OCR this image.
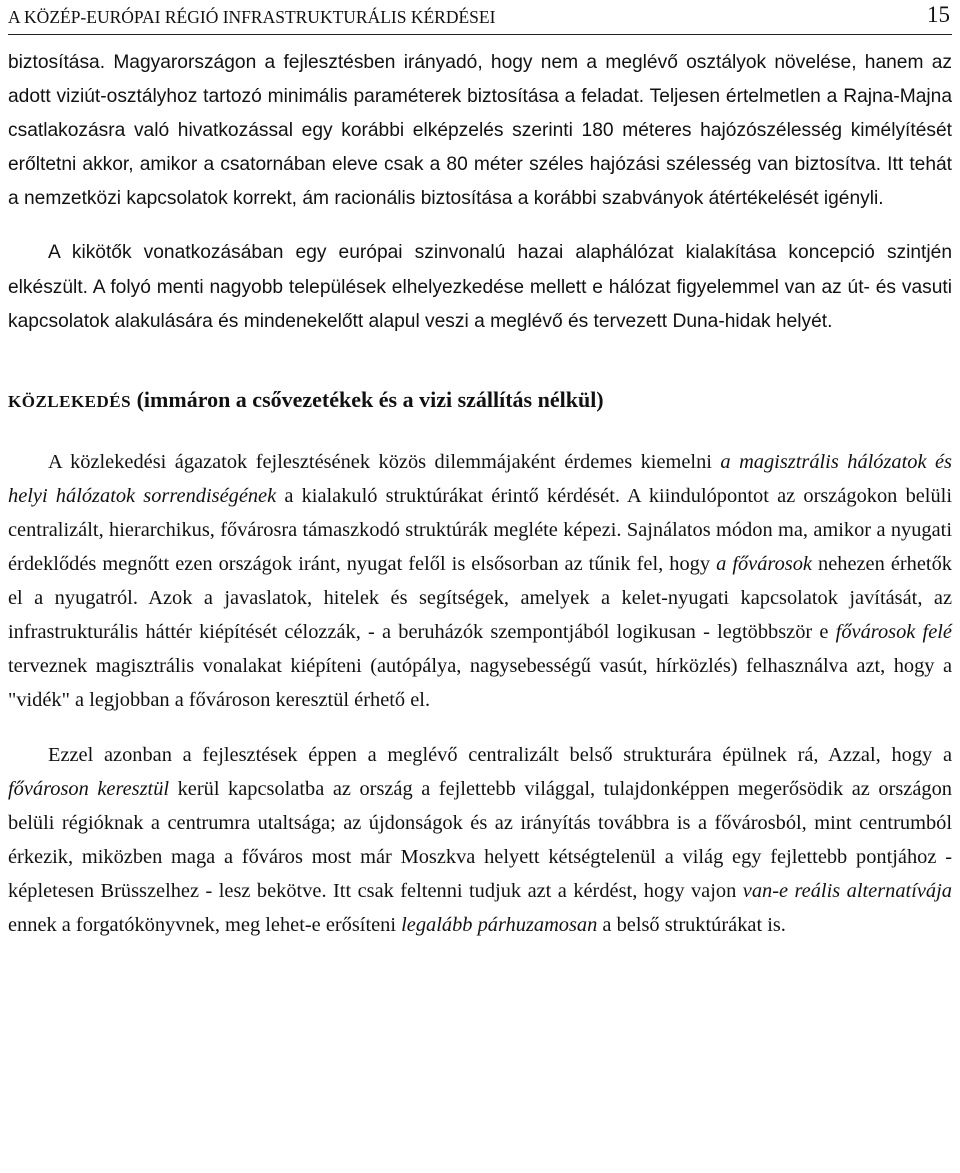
A KÖZÉP-EURÓPAI RÉGIÓ INFRASTRUKTURÁLIS KÉRDÉSEI	15

biztosítása. Magyarországon a fejlesztésben irányadó, hogy nem a meglévő osztályok növelése, hanem az adott viziút-osztályhoz tartozó minimális paraméterek biztosítása a feladat. Teljesen értelmetlen a Rajna-Majna csatlakozásra való hivatkozással egy korábbi elképzelés szerinti 180 méteres hajózószélesség kimélyítését erőltetni akkor, amikor a csatornában eleve csak a 80 méter széles hajózási szélesség van biztosítva. Itt tehát a nemzetközi kapcsolatok korrekt, ám racionális biztosítása a korábbi szabványok átértékelését igényli.

A kikötők vonatkozásában egy európai szinvonalú hazai alaphálózat kialakítása koncepció szintjén elkészült. A folyó menti nagyobb települések elhelyezkedése mellett e hálózat figyelemmel van az út- és vasuti kapcsolatok alakulására és mindenekelőtt alapul veszi a meglévő és tervezett Duna-hidak helyét.

KÖZLEKEDÉS (immáron a csővezetékek és a vizi szállítás nélkül)

A közlekedési ágazatok fejlesztésének közös dilemmájaként érdemes kiemelni a magisztrális hálózatok és helyi hálózatok sorrendiségének a kialakuló struktúrákat érintő kérdését. A kiindulópontot az országokon belüli centralizált, hierarchikus, fővárosra támaszkodó struktúrák megléte képezi. Sajnálatos módon ma, amikor a nyugati érdeklődés megnőtt ezen országok iránt, nyugat felől is elsősorban az tűnik fel, hogy a fővárosok nehezen érhetők el a nyugatról. Azok a javaslatok, hitelek és segítségek, amelyek a kelet-nyugati kapcsolatok javítását, az infrastrukturális háttér kiépítését célozzák, - a beruházók szempontjából logikusan - legtöbbször e fővárosok felé terveznek magisztrális vonalakat kiépíteni (autópálya, nagysebességű vasút, hírközlés) felhasználva azt, hogy a "vidék" a legjobban a fővároson keresztül érhető el.

Ezzel azonban a fejlesztések éppen a meglévő centralizált belső strukturára épülnek rá, Azzal, hogy a fővároson keresztül kerül kapcsolatba az ország a fejlettebb világgal, tulajdonképpen megerősödik az országon belüli régióknak a centrumra utaltsága; az újdonságok és az irányítás továbbra is a fővárosból, mint centrumból érkezik, miközben maga a főváros most már Moszkva helyett kétségtelenül a világ egy fejlettebb pontjához - képletesen Brüsszelhez - lesz bekötve. Itt csak feltenni tudjuk azt a kérdést, hogy vajon van-e reális alternatívája ennek a forgatókönyvnek, meg lehet-e erősíteni legalább párhuzamosan a belső struktúrákat is.
